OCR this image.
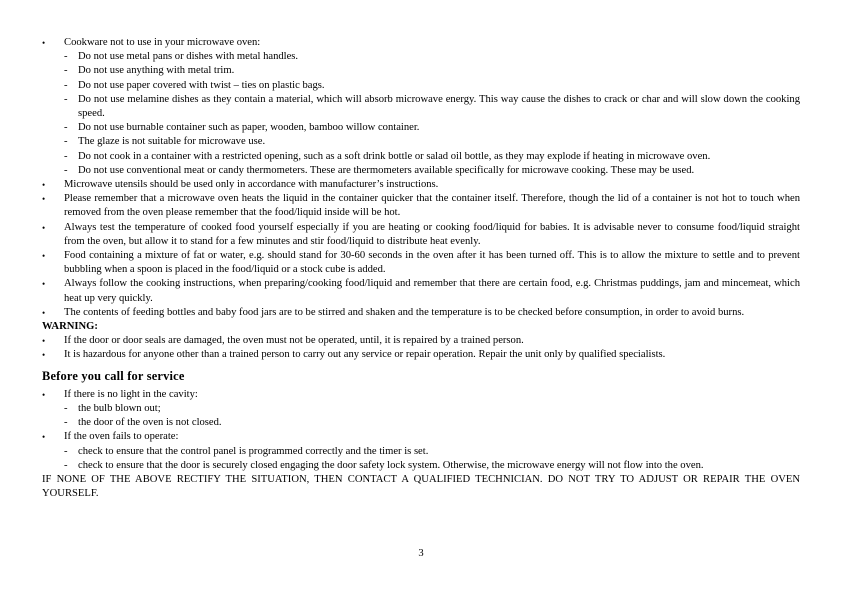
•	Cookware not to use in your microwave oven:
- Do not use metal pans or dishes with metal handles.
- Do not use anything with metal trim.
- Do not use paper covered with twist – ties on plastic bags.
- Do not use melamine dishes as they contain a material, which will absorb microwave energy. This way cause the dishes to crack or char and will slow down the cooking speed.
- Do not use burnable container such as paper, wooden, bamboo willow container.
- The glaze is not suitable for microwave use.
- Do not cook in a container with a restricted opening, such as a soft drink bottle or salad oil bottle, as they may explode if heating in microwave oven.
- Do not use conventional meat or candy thermometers. These are thermometers available specifically for microwave cooking. These may be used.
•	Microwave utensils should be used only in accordance with manufacturer’s instructions.
•	Please remember that a microwave oven heats the liquid in the container quicker that the container itself. Therefore, though the lid of a container is not hot to touch when removed from the oven please remember that the food/liquid inside will be hot.
•	Always test the temperature of cooked food yourself especially if you are heating or cooking food/liquid for babies. It is advisable never to consume food/liquid straight from the oven, but allow it to stand for a few minutes and stir food/liquid to distribute heat evenly.
•	Food containing a mixture of fat or water, e.g. should stand for 30-60 seconds in the oven after it has been turned off. This is to allow the mixture to settle and to prevent bubbling when a spoon is placed in the food/liquid or a stock cube is added.
•	Always follow the cooking instructions, when preparing/cooking food/liquid and remember that there are certain food, e.g. Christmas puddings, jam and mincemeat, which heat up very quickly.
•	The contents of feeding bottles and baby food jars are to be stirred and shaken and the temperature is to be checked before consumption, in order to avoid burns.
WARNING:
•	If the door or door seals are damaged, the oven must not be operated, until, it is repaired by a trained person.
•	It is hazardous for anyone other than a trained person to carry out any service or repair operation. Repair the unit only by qualified specialists.
Before you call for service
•	If there is no light in the cavity:
- the bulb blown out;
- the door of the oven is not closed.
•	If the oven fails to operate:
- check to ensure that the control panel is programmed correctly and the timer is set.
- check to ensure that the door is securely closed engaging the door safety lock system. Otherwise, the microwave energy will not flow into the oven.
IF NONE OF THE ABOVE RECTIFY THE SITUATION, THEN CONTACT A QUALIFIED TECHNICIAN. DO NOT TRY TO ADJUST OR REPAIR THE OVEN YOURSELF.
3
